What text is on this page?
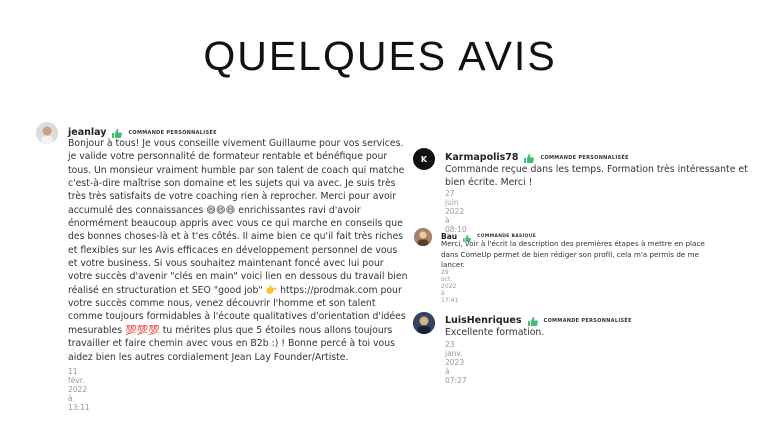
QUELQUES AVIS
jeanlay	COMMANDE PERSONNALISÉE
Bonjour à tous! Je vous conseille vivement Guillaume pour vos services. je valide votre personnalité de formateur rentable et bénéfique pour tous. Un monsieur vraiment humble par son talent de coach qui matche c'est-à-dire maîtrise son domaine et les sujets qui va avec. Je suis très très très satisfaits de votre coaching rien à reprocher. Merci pour avoir accumulé des connaissances 😄😄😄 enrichissantes ravi d'avoir énormément beaucoup appris avec vous ce qui marche en conseils que des bonnes choses-là et à t'es côtés. Il aime bien ce qu'il fait très riches et flexibles sur les Avis efficaces en développement personnel de vous et votre business. Si vous souhaitez maintenant foncé avec lui pour votre succès d'avenir "clés en main" voici lien en dessous du travail bien réalisé en structuration et SEO "good job" 👉 https://prodmak.com pour votre succès comme nous, venez découvrir l'homme et son talent comme toujours formidables à l'écoute qualitatives d'orientation d'idées mesurables 💯💯💯 tu mérites plus que 5 étoiles nous allons toujours travailler et faire chemin avec vous en B2b :) ! Bonne percé à toi vous aidez bien les autres cordialement Jean Lay Founder/Artiste.
11 févr. 2022 à 13:11
K Karmapolis78	COMMANDE PERSONNALISÉE
Commande reçue dans les temps. Formation très intéressante et bien écrite. Merci !
27 juin 2022 à 08:10
Bau	COMMANDE BASIQUE
Merci, voir à l'écrit la description des premières étapes à mettre en place dans ComeUp permet de bien rédiger son profil, cela m'a permis de me lancer.
29 oct. 2022 à 17:41
LuisHenriques	COMMANDE PERSONNALISÉE
Excellente formation.
23 janv. 2023 à 07:27
